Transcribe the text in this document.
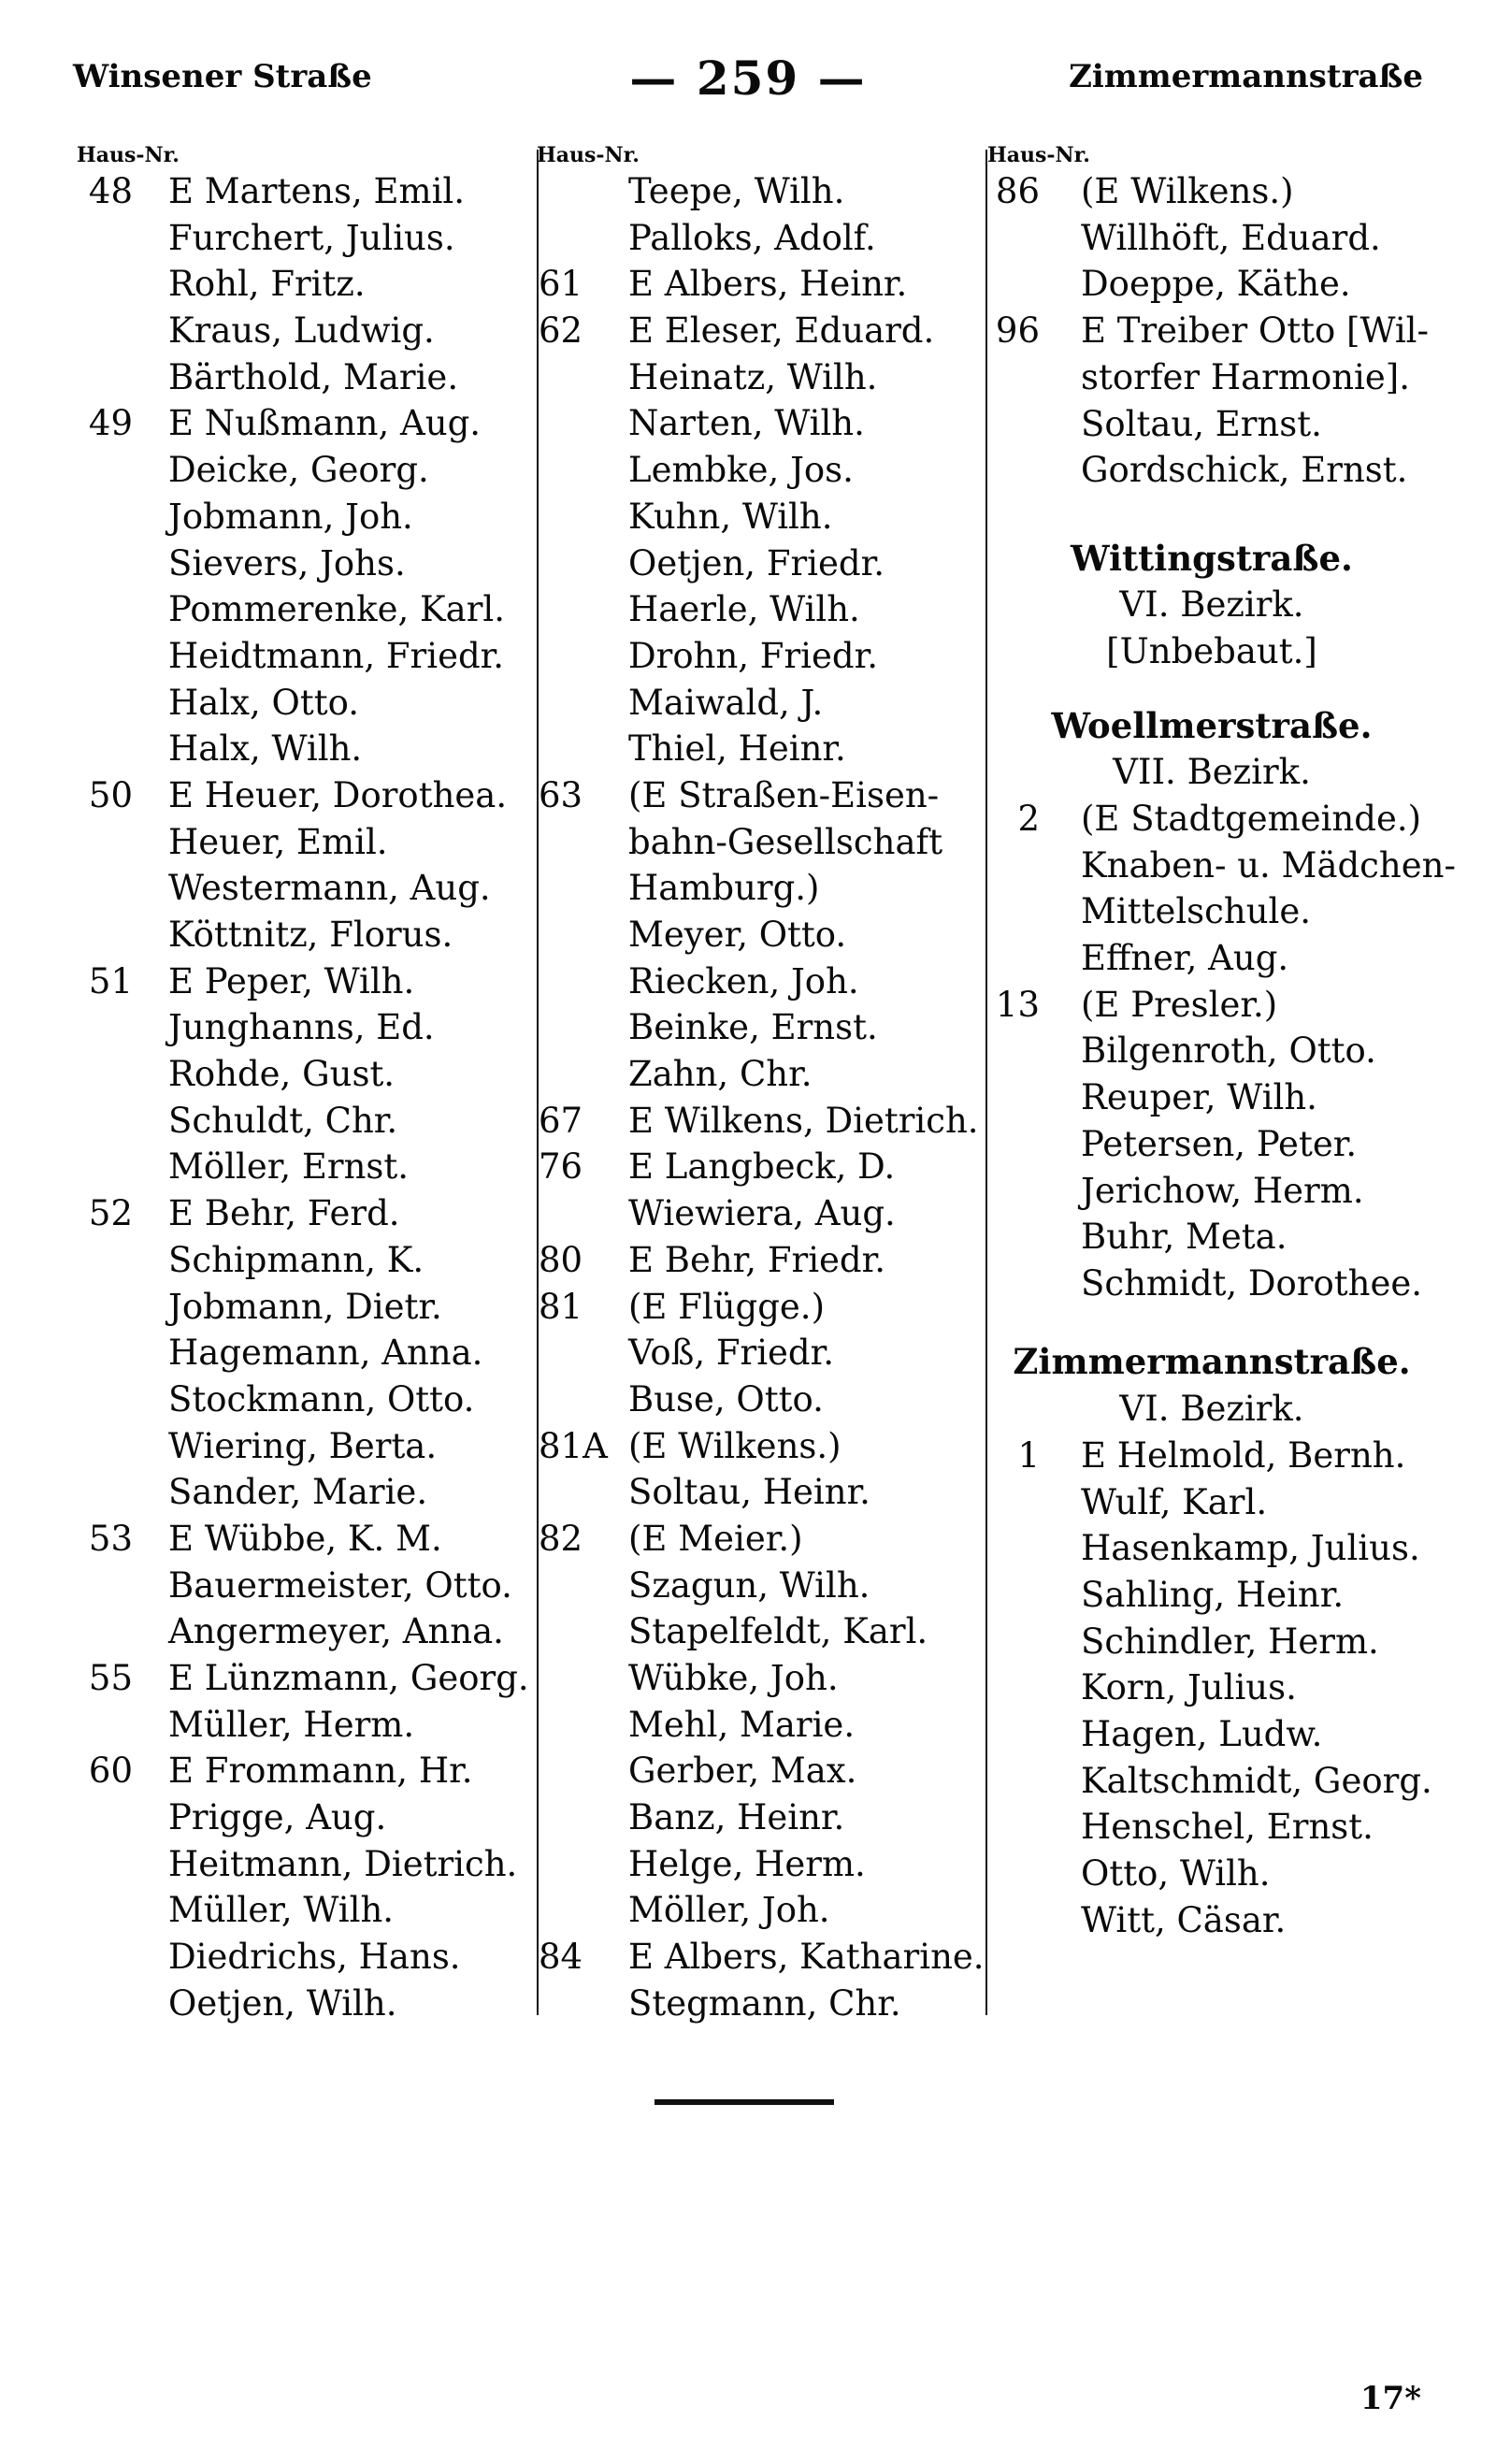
Winsener Straße	— 259 —	Zimmermannstraße
Haus-Nr.
48 E Martens, Emil.
Furchert, Julius.
Rohl, Fritz.
Kraus, Ludwig.
Bärthold, Marie.
49 E Nußmann, Aug.
Deicke, Georg.
Jobmann, Joh.
Sievers, Johs.
Pommerenke, Karl.
Heidtmann, Friedr.
Halx, Otto.
Halx, Wilh.
50 E Heuer, Dorothea.
Heuer, Emil.
Westermann, Aug.
Köttnitz, Florus.
51 E Peper, Wilh.
Junghanns, Ed.
Rohde, Gust.
Schuldt, Chr.
Möller, Ernst.
52 E Behr, Ferd.
Schipmann, K.
Jobmann, Dietr.
Hagemann, Anna.
Stockmann, Otto.
Wiering, Berta.
Sander, Marie.
53 E Wübbe, K. M.
Bauermeister, Otto.
Angermeyer, Anna.
55 E Lünzmann, Georg.
Müller, Herm.
60 E Frommann, Hr.
Prigge, Aug.
Heitmann, Dietrich.
Müller, Wilh.
Diedrichs, Hans.
Oetjen, Wilh.
Haus-Nr.
Teepe, Wilh.
Palloks, Adolf.
61	E Albers, Heinr.
62	E Eleser, Eduard.
Heinatz, Wilh.
Narten, Wilh.
Lembke, Jos.
Kuhn, Wilh.
Oetjen, Friedr.
Haerle, Wilh.
Drohn, Friedr.
Maiwald, J.
Thiel, Heinr.
63	(E Straßen-Eisen-
bahn-Gesellschaft
Hamburg.)
Meyer, Otto.
Riecken, Joh.
Beinke, Ernst.
Zahn, Chr.
67	E Wilkens, Dietrich.
76	E Langbeck, D.
Wiewiera, Aug.
80	E Behr, Friedr.
81	(E Flügge.)
Voß, Friedr.
Buse, Otto.
81A (E Wilkens.)
Soltau, Heinr.
82	(E Meier.)
Szagun, Wilh.
Stapelfeldt, Karl.
Wübke, Joh.
Mehl, Marie.
Gerber, Max.
Banz, Heinr.
Helge, Herm.
Möller, Joh.
84	E Albers, Katharine.
Stegmann, Chr.
Haus-Nr.
86 (E Wilkens.)
Willhöft, Eduard.
Doeppe, Käthe.
96 E Treiber Otto [Wil-
storfer Harmonie].
Soltau, Ernst.
Gordschick, Ernst.
Wittingstraße.
VI. Bezirk.
[Unbebaut.]
Woellmerstraße.
VII. Bezirk.
2 (E Stadtgemeinde.)
Knaben- u. Mädchen-
Mittelschule.
Effner, Aug.
13 (E Presler.)
Bilgenroth, Otto.
Reuper, Wilh.
Petersen, Peter.
Jerichow, Herm.
Buhr, Meta.
Schmidt, Dorothee.
Zimmermannstraße.
VI. Bezirk.
1 E Helmold, Bernh.
Wulf, Karl.
Hasenkamp, Julius.
Sahling, Heinr.
Schindler, Herm.
Korn, Julius.
Hagen, Ludw.
Kaltschmidt, Georg.
Henschel, Ernst.
Otto, Wilh.
Witt, Cäsar.
17*
